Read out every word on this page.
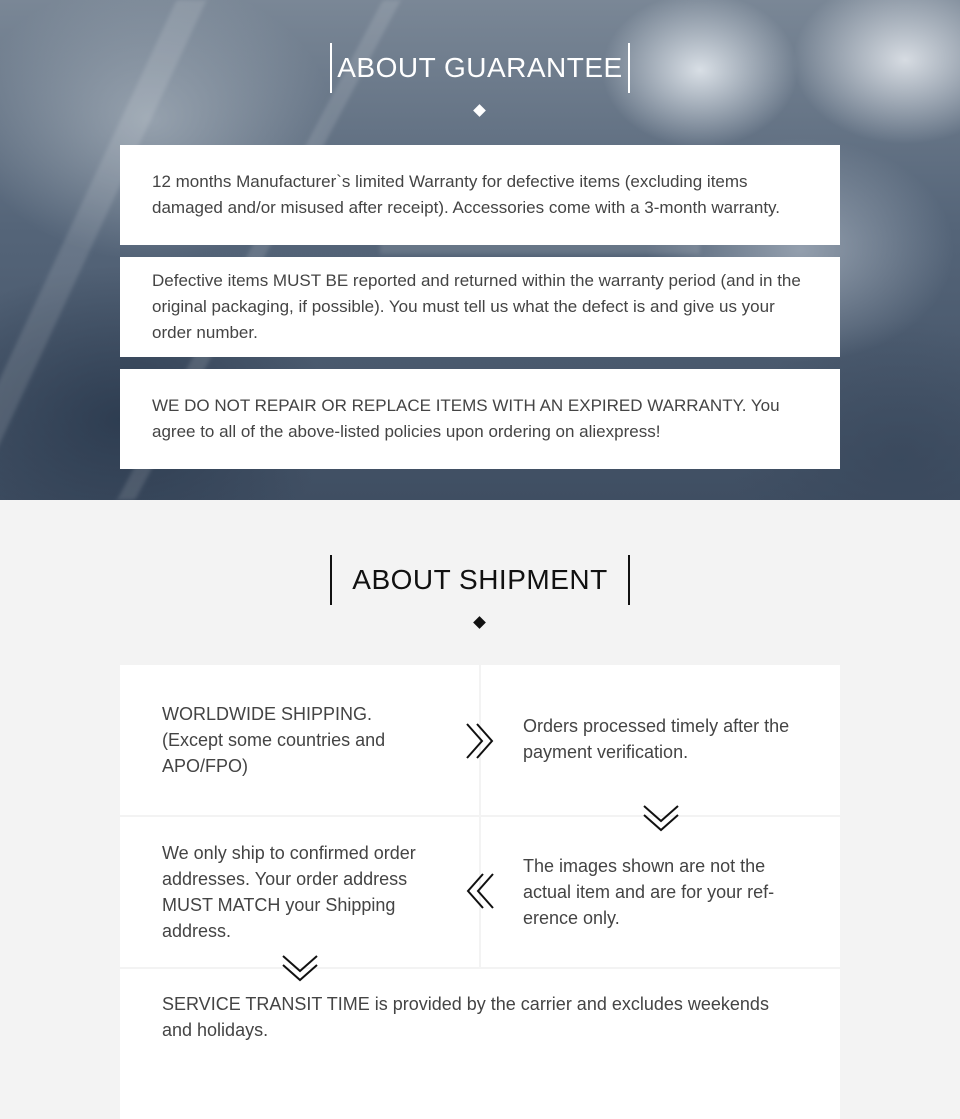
ABOUT GUARANTEE
12 months Manufacturer`s limited Warranty for defective items (excluding items damaged and/or misused after receipt). Accessories come with a 3-month warranty.
Defective items MUST BE reported and returned within the warranty period (and in the original packaging, if possible). You must tell us what the defect is and give us your order number.
WE DO NOT REPAIR OR REPLACE ITEMS WITH AN EXPIRED WARRANTY. You agree to all of the above-listed policies upon ordering on aliexpress!
ABOUT SHIPMENT
WORLDWIDE SHIPPING. (Except some countries and APO/FPO)
Orders processed timely after the payment verification.
We only ship to confirmed order addresses. Your order address MUST MATCH your Shipping address.
The images shown are not the actual item and are for your ref-erence only.
SERVICE TRANSIT TIME is provided by the carrier and excludes weekends and holidays.
